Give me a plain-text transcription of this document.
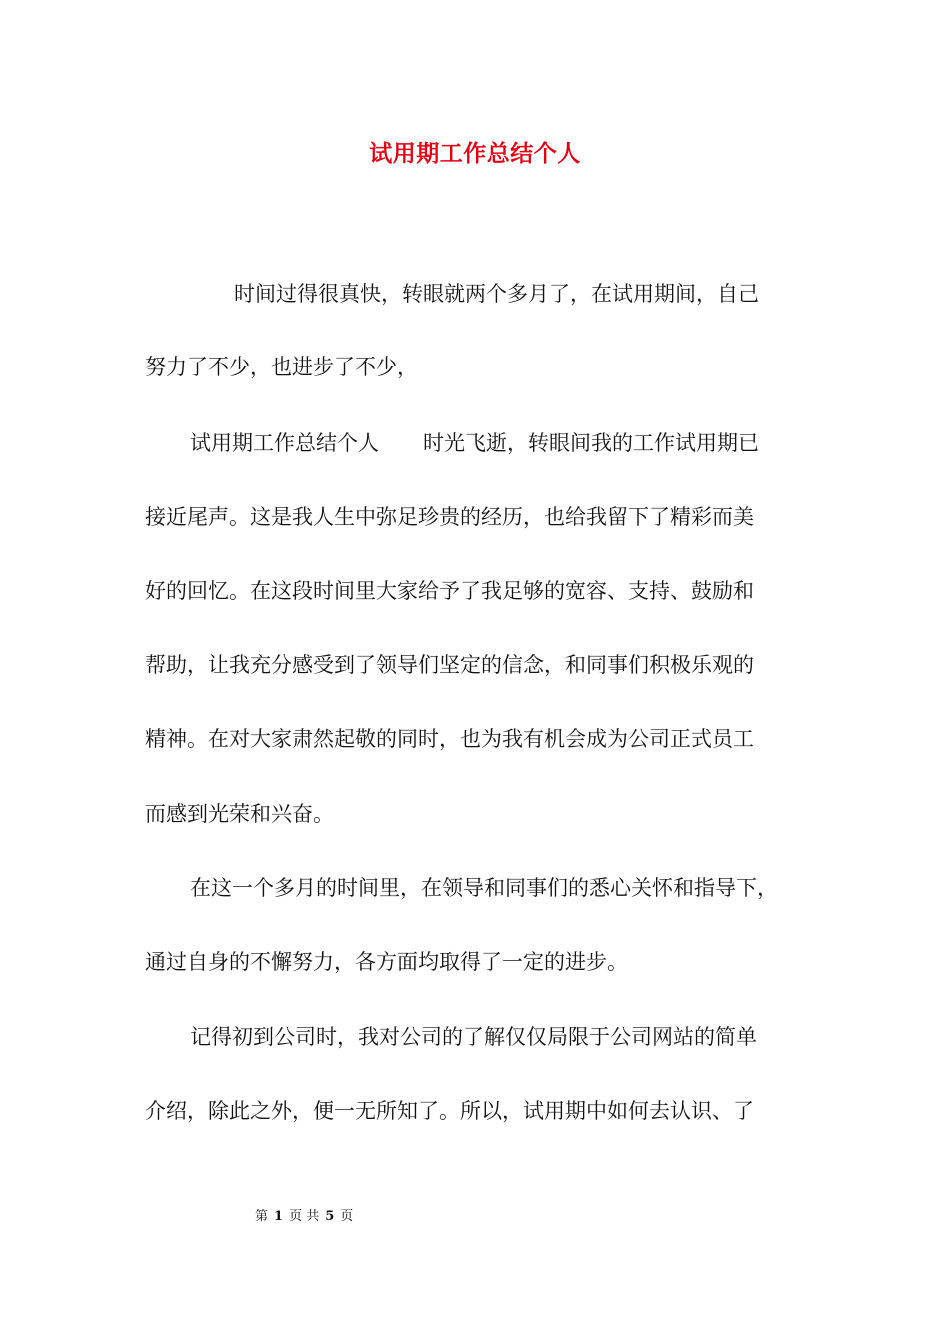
试用期工作总结个人
时间过得很真快，转眼就两个多月了，在试用期间，自己
努力了不少，也进步了不少，
试用期工作总结个人 时光飞逝，转眼间我的工作试用期已
接近尾声。这是我人生中弥足珍贵的经历，也给我留下了精彩而美
好的回忆。在这段时间里大家给予了我足够的宽容、支持、鼓励和
帮助，让我充分感受到了领导们坚定的信念，和同事们积极乐观的
精神。在对大家肃然起敬的同时，也为我有机会成为公司正式员工
而感到光荣和兴奋。
在这一个多月的时间里，在领导和同事们的悉心关怀和指导下，
通过自身的不懈努力，各方面均取得了一定的进步。
记得初到公司时，我对公司的了解仅仅局限于公司网站的简单
介绍，除此之外，便一无所知了。所以，试用期中如何去认识、了
第 1 页 共 5 页
